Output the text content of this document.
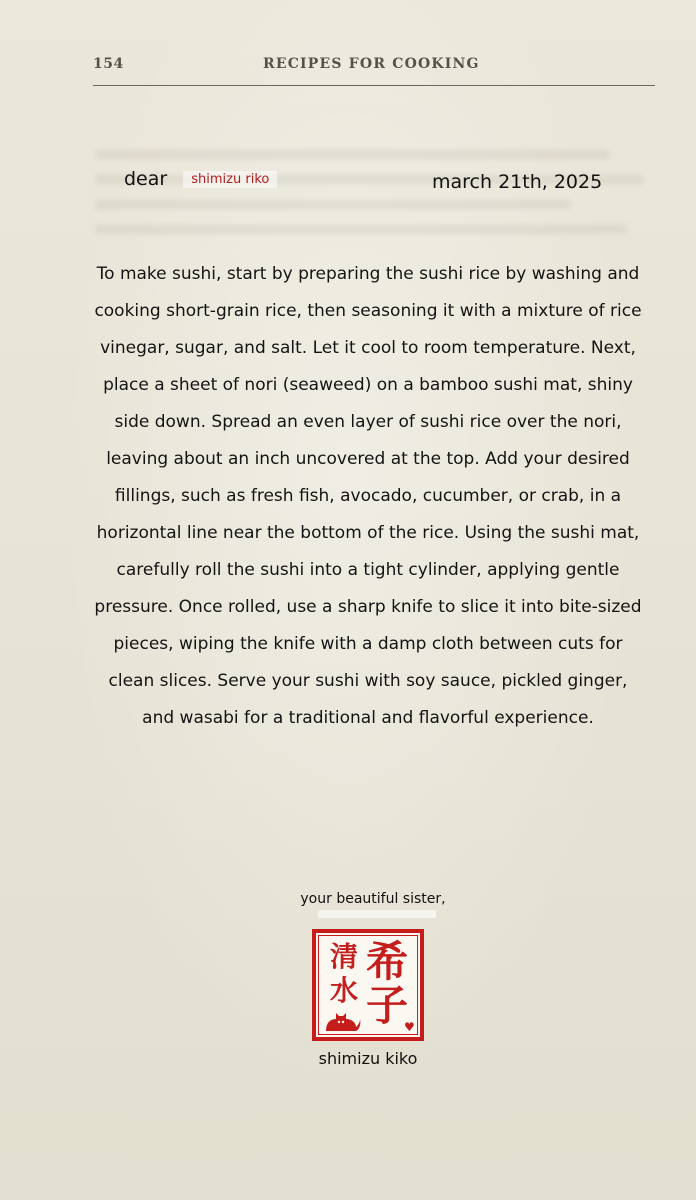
154	RECIPES FOR COOKING
dear shimizu riko	march 21th, 2025
To make sushi, start by preparing the sushi rice by washing and cooking short-grain rice, then seasoning it with a mixture of rice vinegar, sugar, and salt. Let it cool to room temperature. Next, place a sheet of nori (seaweed) on a bamboo sushi mat, shiny side down. Spread an even layer of sushi rice over the nori, leaving about an inch uncovered at the top. Add your desired fillings, such as fresh fish, avocado, cucumber, or crab, in a horizontal line near the bottom of the rice. Using the sushi mat, carefully roll the sushi into a tight cylinder, applying gentle pressure. Once rolled, use a sharp knife to slice it into bite-sized pieces, wiping the knife with a damp cloth between cuts for clean slices. Serve your sushi with soy sauce, pickled ginger, and wasabi for a traditional and flavorful experience.
your beautiful sister,
清
水
希
子
♥
shimizu kiko
